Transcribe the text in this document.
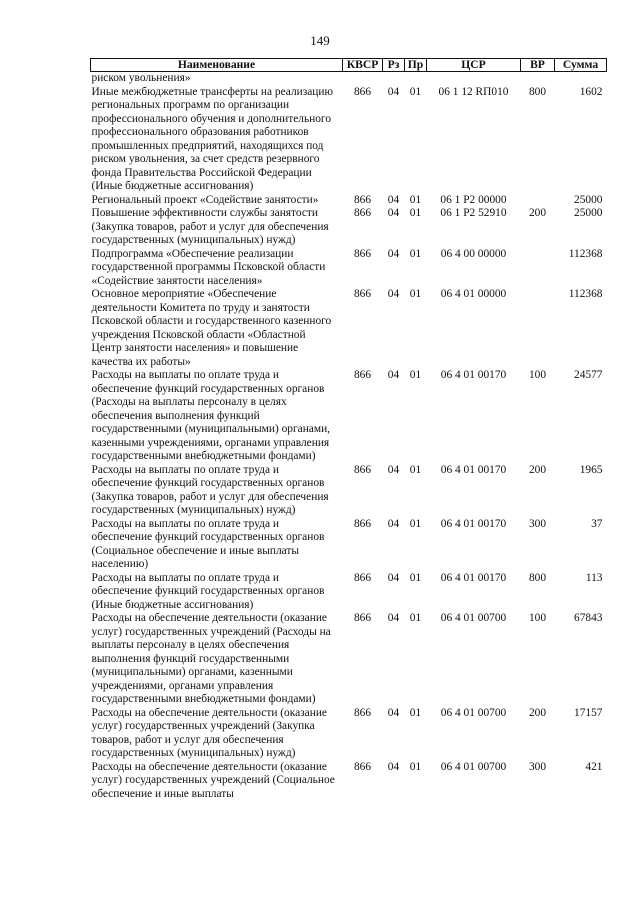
149
Наименование	КВСР	Рз	Пр	ЦСР	ВР	Сумма
риском увольнения»						
Иные межбюджетные трансферты на реализацию региональных программ по организации профессионального обучения и дополнительного профессионального образования работников промышленных предприятий, находящихся под риском увольнения, за счет средств резервного фонда Правительства Российской Федерации (Иные бюджетные ассигнования)	866	04	01	06 1 12 RП010	800	1602
Региональный проект «Содействие занятости»	866	04	01	06 1 P2 00000		25000
Повышение эффективности службы занятости (Закупка товаров, работ и услуг для обеспечения государственных (муниципальных) нужд)	866	04	01	06 1 P2 52910	200	25000
Подпрограмма «Обеспечение реализации государственной программы Псковской области «Содействие занятости населения»	866	04	01	06 4 00 00000		112368
Основное мероприятие «Обеспечение деятельности Комитета по труду и занятости Псковской области и государственного казенного учреждения Псковской области «Областной Центр занятости населения» и повышение качества их работы»	866	04	01	06 4 01 00000		112368
Расходы на выплаты по оплате труда и обеспечение функций государственных органов (Расходы на выплаты персоналу в целях обеспечения выполнения функций государственными (муниципальными) органами, казенными учреждениями, органами управления государственными внебюджетными фондами)	866	04	01	06 4 01 00170	100	24577
Расходы на выплаты по оплате труда и обеспечение функций государственных органов (Закупка товаров, работ и услуг для обеспечения государственных (муниципальных) нужд)	866	04	01	06 4 01 00170	200	1965
Расходы на выплаты по оплате труда и обеспечение функций государственных органов (Социальное обеспечение и иные выплаты населению)	866	04	01	06 4 01 00170	300	37
Расходы на выплаты по оплате труда и обеспечение функций государственных органов (Иные бюджетные ассигнования)	866	04	01	06 4 01 00170	800	113
Расходы на обеспечение деятельности (оказание услуг) государственных учреждений (Расходы на выплаты персоналу в целях обеспечения выполнения функций государственными (муниципальными) органами, казенными учреждениями, органами управления государственными внебюджетными фондами)	866	04	01	06 4 01 00700	100	67843
Расходы на обеспечение деятельности (оказание услуг) государственных учреждений (Закупка товаров, работ и услуг для обеспечения государственных (муниципальных) нужд)	866	04	01	06 4 01 00700	200	17157
Расходы на обеспечение деятельности (оказание услуг) государственных учреждений (Социальное обеспечение и иные выплаты	866	04	01	06 4 01 00700	300	421
